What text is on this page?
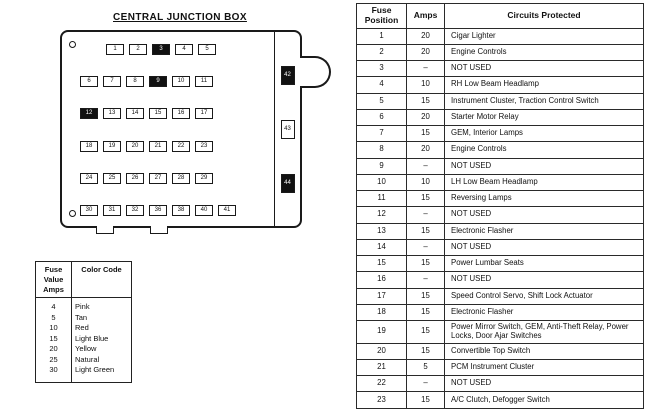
CENTRAL JUNCTION BOX
1	2	3	4	5
6	7	8	9	10	11
12	13	14	15	16	17
18	19	20	21	22	23
24	25	26	27	28	29
30	31	32	36	38	40	41
42
43
44
Fuse Value Amps	Color Code
4	Pink
5	Tan
10	Red
15	Light Blue
20	Yellow
25	Natural
30	Light Green
Fuse Position	Amps	Circuits Protected
1	20	Cigar Lighter
2	20	Engine Controls
3	–	NOT USED
4	10	RH Low Beam Headlamp
5	15	Instrument Cluster, Traction Control Switch
6	20	Starter Motor Relay
7	15	GEM, Interior Lamps
8	20	Engine Controls
9	–	NOT USED
10	10	LH Low Beam Headlamp
11	15	Reversing Lamps
12	–	NOT USED
13	15	Electronic Flasher
14	–	NOT USED
15	15	Power Lumbar Seats
16	–	NOT USED
17	15	Speed Control Servo, Shift Lock Actuator
18	15	Electronic Flasher
19	15	Power Mirror Switch, GEM, Anti-Theft Relay, Power Locks, Door Ajar Switches
20	15	Convertible Top Switch
21	5	PCM Instrument Cluster
22	–	NOT USED
23	15	A/C Clutch, Defogger Switch
